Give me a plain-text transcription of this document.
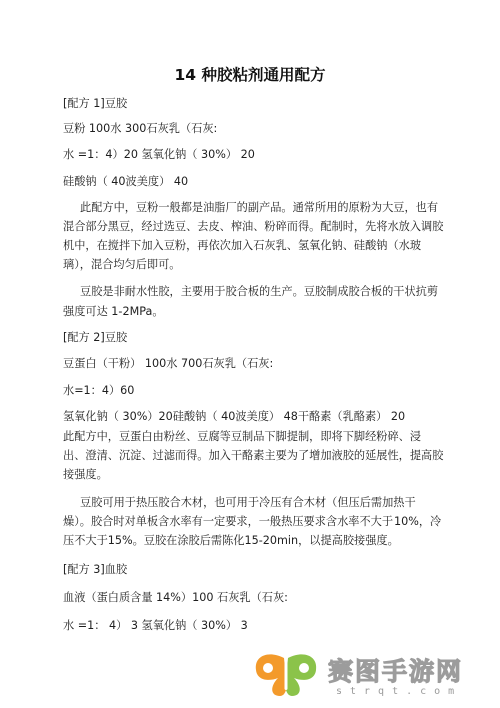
14 种胶粘剂通用配方
[配方 1]豆胶
豆粉 100水 300石灰乳（石灰:
水 =1：4）20 氢氧化钠（ 30%） 20
硅酸钠（ 40波美度） 40
此配方中，豆粉一般都是油脂厂的副产品。通常所用的原粉为大豆，也有
混合部分黑豆，经过选豆、去皮、榨油、粉碎而得。配制时，先将水放入调胶
机中，在搅拌下加入豆粉，再依次加入石灰乳、氢氧化钠、硅酸钠（水玻
璃），混合均匀后即可。
豆胶是非耐水性胶，主要用于胶合板的生产。豆胶制成胶合板的干状抗剪
强度可达 1-2MPa。
[配方 2]豆胶
豆蛋白（干粉） 100水 700石灰乳（石灰:
水=1：4）60
氢氧化钠（ 30%）20硅酸钠（ 40波美度） 48干酪素（乳酪素） 20
此配方中，豆蛋白由粉丝、豆腐等豆制品下脚提制，即将下脚经粉碎、浸
出、澄清、沉淀、过滤而得。加入干酪素主要为了增加液胶的延展性，提高胶
接强度。
豆胶可用于热压胶合木材，也可用于冷压有合木材（但压后需加热干
燥）。胶合时对单板含水率有一定要求，一般热压要求含水率不大于 10%，冷
压不大于15%。豆胶在涂胶后需陈化15-20min，以提高胶接强度。
[配方 3]血胶
血液（蛋白质含量 14%）100 石灰乳（石灰:
水 =1： 4） 3 氢氧化钠（ 30%） 3
赛图手游网
strqt.com
